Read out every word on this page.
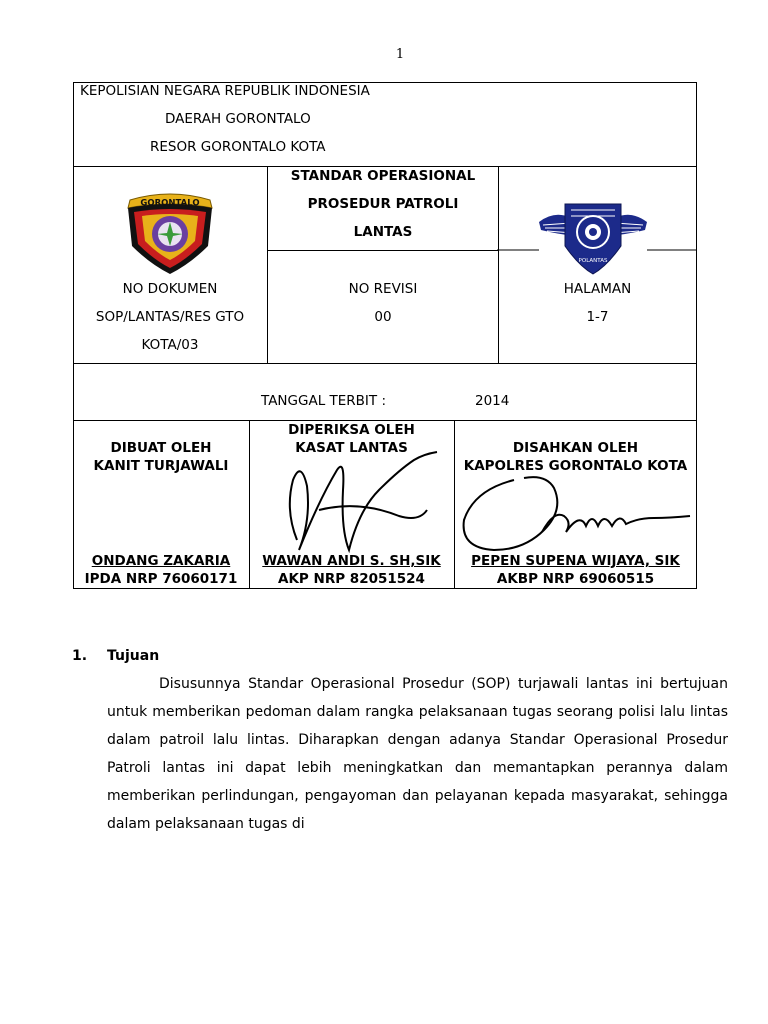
1
KEPOLISIAN NEGARA REPUBLIK INDONESIA
DAERAH GORONTALO
RESOR GORONTALO KOTA
GORONTALO
STANDAR OPERASIONAL
PROSEDUR PATROLI
LANTAS
POLANTAS
NO DOKUMEN
SOP/LANTAS/RES GTO
KOTA/03
NO REVISI
00
HALAMAN
1-7
TANGGAL TERBIT :	2014
DIBUAT OLEH
KANIT TURJAWALI
ONDANG ZAKARIA
IPDA NRP 76060171
DIPERIKSA OLEH
KASAT LANTAS
WAWAN ANDI S. SH,SIK
AKP NRP 82051524
DISAHKAN OLEH
KAPOLRES GORONTALO KOTA
PEPEN SUPENA WIJAYA, SIK
AKBP NRP 69060515
1. Tujuan

Disusunnya Standar Operasional Prosedur (SOP) turjawali lantas ini bertujuan untuk memberikan pedoman dalam rangka pelaksanaan tugas seorang polisi lalu lintas dalam patroil lalu lintas. Diharapkan dengan adanya Standar Operasional Prosedur Patroli lantas ini dapat lebih meningkatkan dan memantapkan perannya dalam memberikan perlindungan, pengayoman dan pelayanan kepada masyarakat, sehingga dalam pelaksanaan tugas di
